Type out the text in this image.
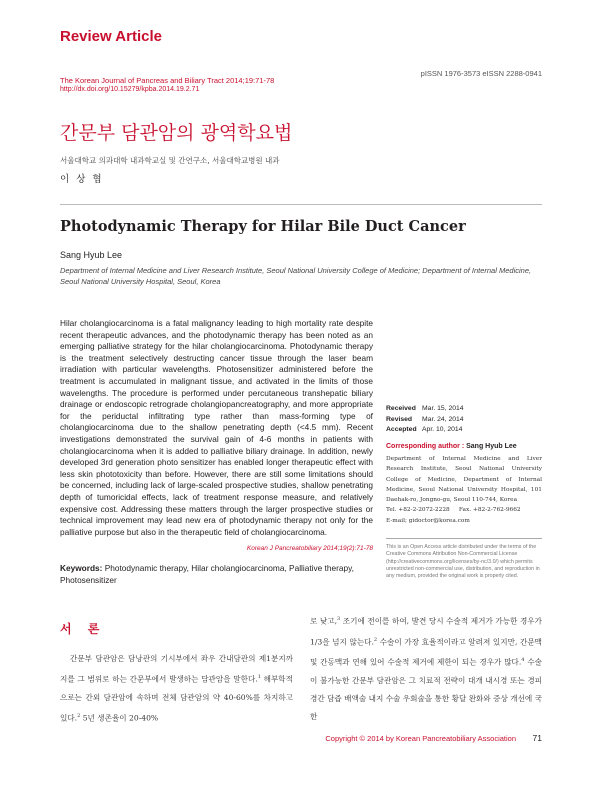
Review Article
The Korean Journal of Pancreas and Biliary Tract 2014;19:71-78
http://dx.doi.org/10.15279/kpba.2014.19.2.71
pISSN 1976-3573 eISSN 2288-0941
간문부 담관암의 광역학요법
서울대학교 의과대학 내과학교실 및 간연구소, 서울대학교병원 내과
이 상 협
Photodynamic Therapy for Hilar Bile Duct Cancer
Sang Hyub Lee
Department of Internal Medicine and Liver Research Institute, Seoul National University College of Medicine; Department of Internal Medicine, Seoul National University Hospital, Seoul, Korea
Hilar cholangiocarcinoma is a fatal malignancy leading to high mortality rate despite recent therapeutic advances, and the photodynamic therapy has been noted as an emerging palliative strategy for the hilar cholangiocarcinoma. Photodynamic therapy is the treatment selectively destructing cancer tissue through the laser beam irradiation with particular wavelengths. Photosensitizer administered before the treatment is accumulated in malignant tissue, and activated in the limits of those wavelengths. The procedure is performed under percutaneous transhepatic biliary drainage or endoscopic retrograde cholangiopancreatography, and more appropriate for the periductal infiltrating type rather than mass-forming type of cholangiocarcinoma due to the shallow penetrating depth (<4.5 mm). Recent investigations demonstrated the survival gain of 4-6 months in patients with cholangiocarcinoma when it is added to palliative biliary drainage. In addition, newly developed 3rd generation photo sensitizer has enabled longer therapeutic effect with less skin phototoxicity than before. However, there are still some limitations should be concerned, including lack of large-scaled prospective studies, shallow penetrating depth of tumoricidal effects, lack of treatment response measure, and relatively expensive cost. Addressing these matters through the larger prospective studies or technical improvement may lead new era of photodynamic therapy not only for the palliative purpose but also in the therapeutic field of cholangiocarcinoma.
Korean J Pancreatobiliary 2014;19(2):71-78
Keywords: Photodynamic therapy, Hilar cholangiocarcinoma, Palliative therapy, Photosensitizer
Received Mar. 15, 2014
Revised Mar. 24, 2014
Accepted Apr. 10, 2014
Corresponding author : Sang Hyub Lee
Department of Internal Medicine and Liver Research Institute, Seoul National University College of Medicine, Department of Internal Medicine, Seoul National University Hospital, 101 Daehak-ro, Jongno-gu, Seoul 110-744, Korea
Tel. +82-2-2072-2228 Fax. +82-2-762-9662
E-mail; gidoctor@korea.com
This is an Open Access article distributed under the terms of the Creative Commons Attribution Non-Commercial License (http://creativecommons.org/licenses/by-nc/3.0/) which permits unrestricted non-commercial use, distribution, and reproduction in any medium, provided the original work is properly cited.
서 론
간문부 담관암은 담낭관의 기시부에서 좌우 간내담관의 제1분지까지를 그 범위로 하는 간문부에서 발생하는 담관암을 말한다.$^1$ 해부학적으로는 간외 담관암에 속하며 전체 담관암의 약 40-60%를 차지하고 있다.$^2$ 5년 생존율이 20-40%
로 낮고,$^3$ 조기에 전이를 하여, 발견 당시 수술적 제거가 가능한 경우가 1/3을 넘지 않는다.$^2$ 수술이 가장 효율적이라고 알려져 있지만, 간문맥 및 간동맥과 연해 있어 수술적 제거에 제한이 되는 경우가 많다.$^4$ 수술이 불가능한 간문부 담관암은 그 치료적 전략이 대개 내시경 또는 경피경간 담즙 배액술 내지 수술 우회술을 통한 황달 완화와 증상 개선에 국한
Copyright © 2014 by Korean Pancreatobiliary Association	71
